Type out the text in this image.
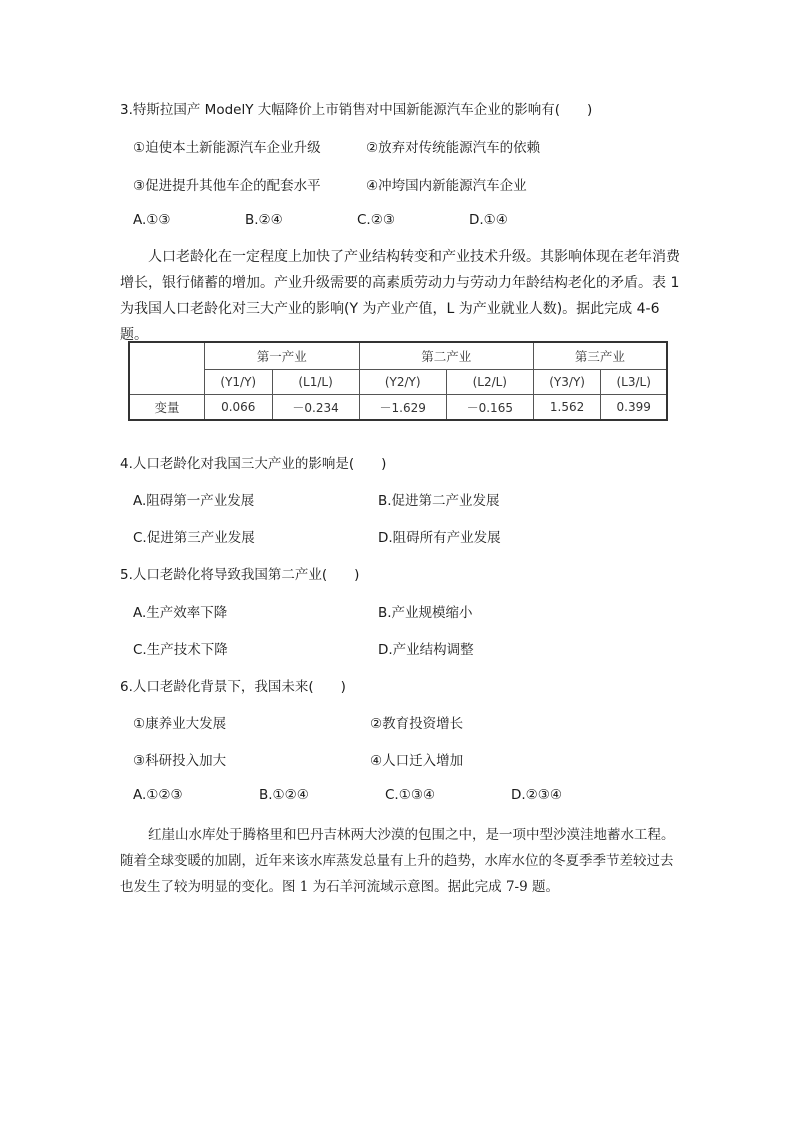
3.特斯拉国产 ModelY 大幅降价上市销售对中国新能源汽车企业的影响有(　　)
①迫使本土新能源汽车企业升级	②放弃对传统能源汽车的依赖
③促进提升其他车企的配套水平	④冲垮国内新能源汽车企业
A.①③	B.②④	C.②③	D.①④
人口老龄化在一定程度上加快了产业结构转变和产业技术升级。其影响体现在老年消费增长，银行储蓄的增加。产业升级需要的高素质劳动力与劳动力年龄结构老化的矛盾。表 1 为我国人口老龄化对三大产业的影响(Y 为产业产值，L 为产业就业人数)。据此完成 4-6 题。
	第一产业		第二产业		第三产业	
	(Y1/Y)	(L1/L)	(Y2/Y)	(L2/L)	(Y3/Y)	(L3/L)
变量	0.066	－0.234	－1.629	－0.165	1.562	0.399
4.人口老龄化对我国三大产业的影响是(　　)
A.阻碍第一产业发展	B.促进第二产业发展
C.促进第三产业发展	D.阻碍所有产业发展
5.人口老龄化将导致我国第二产业(　　)
A.生产效率下降	B.产业规模缩小
C.生产技术下降	D.产业结构调整
6.人口老龄化背景下，我国未来(　　)
①康养业大发展	②教育投资增长
③科研投入加大	④人口迁入增加
A.①②③	B.①②④	C.①③④	D.②③④
红崖山水库处于腾格里和巴丹吉林两大沙漠的包围之中，是一项中型沙漠洼地蓄水工程。随着全球变暖的加剧，近年来该水库蒸发总量有上升的趋势，水库水位的冬夏季季节差较过去也发生了较为明显的变化。图 1 为石羊河流域示意图。据此完成 7-9 题。
